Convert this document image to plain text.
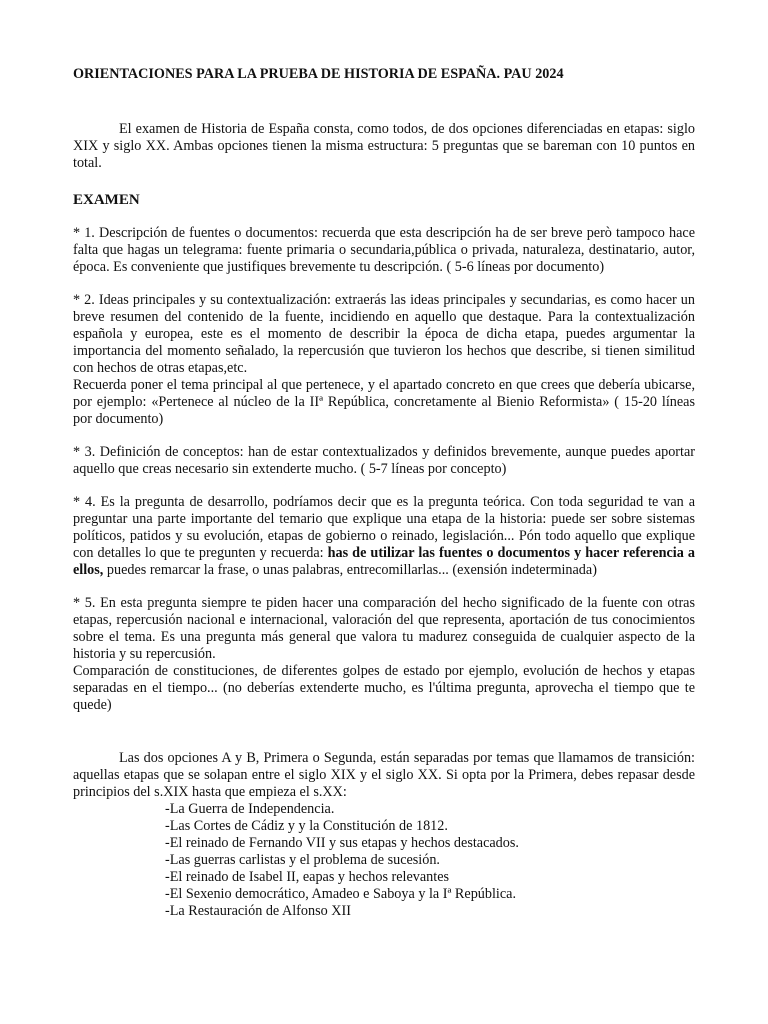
ORIENTACIONES PARA LA PRUEBA DE HISTORIA DE ESPAÑA. PAU 2024

El examen de Historia de España consta, como todos, de dos opciones diferenciadas en etapas: siglo XIX y siglo XX. Ambas opciones tienen la misma estructura: 5 preguntas que se bareman con 10 puntos en total.

EXAMEN

* 1. Descripción de fuentes o documentos: recuerda que esta descripción ha de ser breve però tampoco hace falta que hagas un telegrama: fuente primaria o secundaria,pública o privada, naturaleza, destinatario, autor, época. Es conveniente que justifiques brevemente tu descripción. ( 5-6 líneas por documento)

* 2. Ideas principales y su contextualización: extraerás las ideas principales y secundarias, es como hacer un breve resumen del contenido de la fuente, incidiendo en aquello que destaque. Para la contextualización española y europea, este es el momento de describir la época de dicha etapa, puedes argumentar la importancia del momento señalado, la repercusión que tuvieron los hechos que describe, si tienen similitud con hechos de otras etapas,etc.

Recuerda poner el tema principal al que pertenece, y el apartado concreto en que crees que debería ubicarse, por ejemplo: «Pertenece al núcleo de la IIª República, concretamente al Bienio Reformista» ( 15-20 líneas por documento)

* 3. Definición de conceptos: han de estar contextualizados y definidos brevemente, aunque puedes aportar aquello que creas necesario sin extenderte mucho. ( 5-7 líneas por concepto)

* 4. Es la pregunta de desarrollo, podríamos decir que es la pregunta teórica. Con toda seguridad te van a preguntar una parte importante del temario que explique una etapa de la historia: puede ser sobre sistemas políticos, patidos y su evolución, etapas de gobierno o reinado, legislación... Pón todo aquello que explique con detalles lo que te pregunten y recuerda: has de utilizar las fuentes o documentos y hacer referencia a ellos, puedes remarcar la frase, o unas palabras, entrecomillarlas... (exensión indeterminada)

* 5. En esta pregunta siempre te piden hacer una comparación del hecho significado de la fuente con otras etapas, repercusión nacional e internacional, valoración del que representa, aportación de tus conocimientos sobre el tema. Es una pregunta más general que valora tu madurez conseguida de cualquier aspecto de la historia y su repercusión.

Comparación de constituciones, de diferentes golpes de estado por ejemplo, evolución de hechos y etapas separadas en el tiempo... (no deberías extenderte mucho, es l'última pregunta, aprovecha el tiempo que te quede)

Las dos opciones A y B, Primera o Segunda, están separadas por temas que llamamos de transición: aquellas etapas que se solapan entre el siglo XIX y el siglo XX. Si opta por la Primera, debes repasar desde principios del s.XIX hasta que empieza el s.XX:

-La Guerra de Independencia.
-Las Cortes de Cádiz y y la Constitución de 1812.
-El reinado de Fernando VII y sus etapas y hechos destacados.
-Las guerras carlistas y el problema de sucesión.
-El reinado de Isabel II, eapas y hechos relevantes
-El Sexenio democrático, Amadeo e Saboya y la Iª República.
-La Restauración de Alfonso XII
